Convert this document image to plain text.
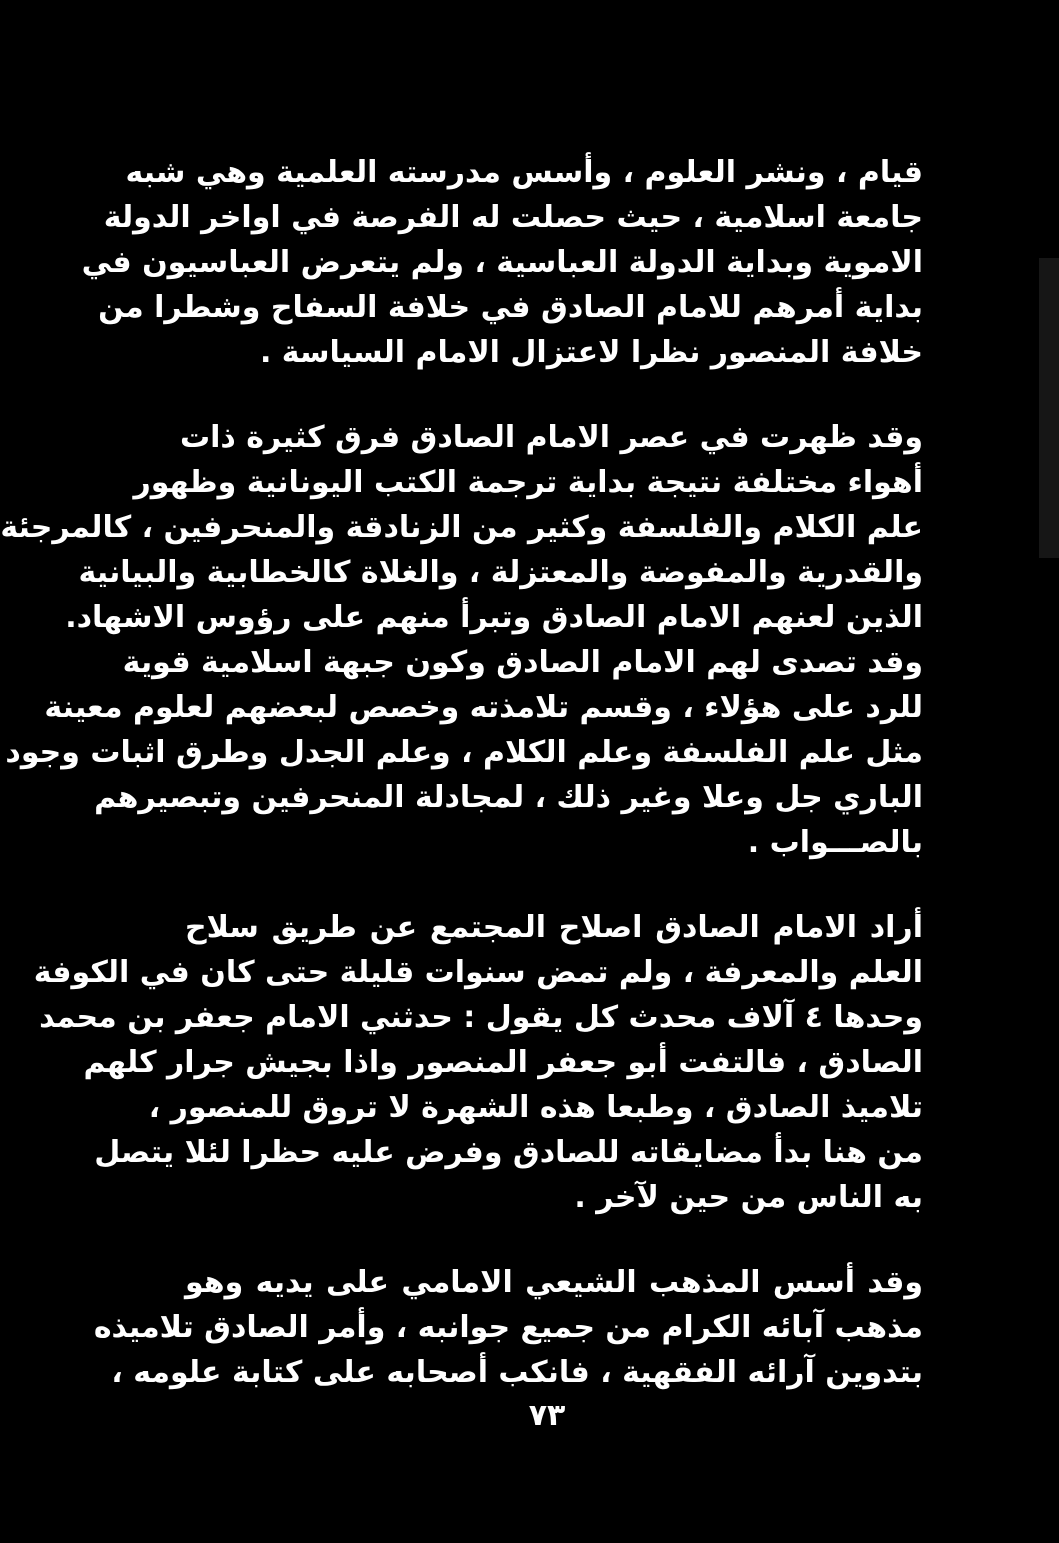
قيام ، ونشر العلوم ، وأسس مدرسته العلمية وهي شبه
جامعة اسلامية ، حيث حصلت له الفرصة في اواخر الدولة
الاموية وبداية الدولة العباسية ، ولم يتعرض العباسيون في
بداية أمرهم للامام الصادق في خلافة السفاح وشطرا من
خلافة المنصور نظرا لاعتزال الامام السياسة .
وقد ظهرت في عصر الامام الصادق فرق كثيرة ذات
أهواء مختلفة نتيجة بداية ترجمة الكتب اليونانية وظهور
علم الكلام والفلسفة وكثير من الزنادقة والمنحرفين ، كالمرجئة
والقدرية والمفوضة والمعتزلة ، والغلاة كالخطابية والبيانية
الذين لعنهم الامام الصادق وتبرأ منهم على رؤوس الاشهاد.
وقد تصدى لهم الامام الصادق وكون جبهة اسلامية قوية
للرد على هؤلاء ، وقسم تلامذته وخصص لبعضهم لعلوم معينة
مثل علم الفلسفة وعلم الكلام ، وعلم الجدل وطرق اثبات وجود
الباري جل وعلا وغير ذلك ، لمجادلة المنحرفين وتبصيرهم
بالصـــواب .
أراد الامام الصادق اصلاح المجتمع عن طريق سلاح
العلم والمعرفة ، ولم تمض سنوات قليلة حتى كان في الكوفة
وحدها ٤ آلاف محدث كل يقول : حدثني الامام جعفر بن محمد
الصادق ، فالتفت أبو جعفر المنصور واذا بجيش جرار كلهم
تلاميذ الصادق ، وطبعا هذه الشهرة لا تروق للمنصور ،
من هنا بدأ مضايقاته للصادق وفرض عليه حظرا لئلا يتصل
به الناس من حين لآخر .
وقد أسس المذهب الشيعي الامامي على يديه وهو
مذهب آبائه الكرام من جميع جوانبه ، وأمر الصادق تلاميذه
بتدوين آرائه الفقهية ، فانكب أصحابه على كتابة علومه ،
٧٣
